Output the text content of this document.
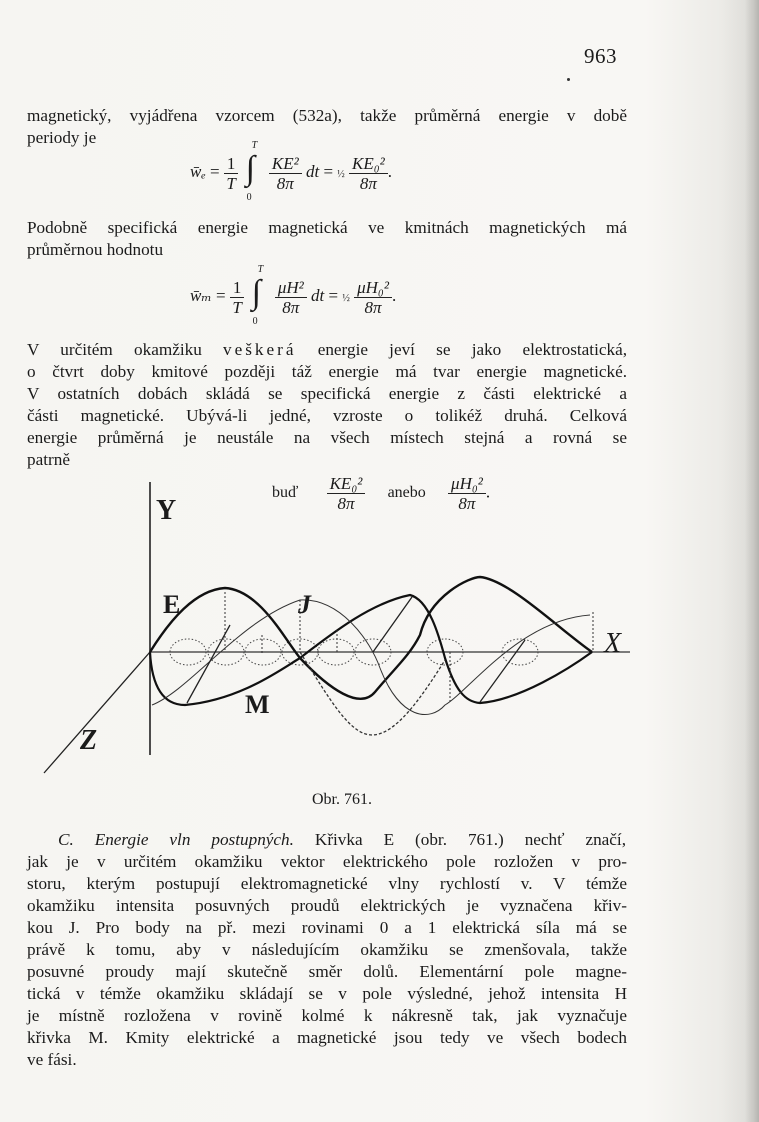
963
magnetický, vyjádřena vzorcem (532a), takže průměrná energie v době
periody je
w̄ₑ = $\frac{1}{T}$

T
∫
0

$\frac{\text{KE²}}{8\pi}$ dt = ½ $\frac{\text{KE₀²}}{8\pi}$ .
Podobně specifická energie magnetická ve kmitnách magnetických má
průměrnou hodnotu
w̄ₘ = $\frac{1}{T}$

T
∫
0

$\frac{\text{μH²}}{8\pi}$ dt = ½ $\frac{\text{μH₀²}}{8\pi}$ .
V určitém okamžiku veškerá energie jeví se jako elektrostatická,
o čtvrt doby kmitové později táž energie má tvar energie magnetické.
V ostatních dobách skládá se specifická energie z části elektrické a
části magnetické. Ubývá-li jedné, vzroste o tolikéž druhá. Celková
energie průměrná je neustále na všech místech stejná a rovná se
patrně
buď $\frac{\text{KE₀²}}{8\pi}$ anebo $\frac{\text{μH₀²}}{8\pi}$ .
Y
E	J
M
X
Z
Obr. 761.
C. Energie vln postupných. Křivka E (obr. 761.) nechť značí,
jak je v určitém okamžiku vektor elektrického pole rozložen v pro-
storu, kterým postupují elektromagnetické vlny rychlostí v. V témže
okamžiku intensita posuvných proudů elektrických je vyznačena křiv-
kou J. Pro body na př. mezi rovinami 0 a 1 elektrická síla má se
právě k tomu, aby v následujícím okamžiku se zmenšovala, takže
posuvné proudy mají skutečně směr dolů. Elementární pole magne-
tická v témže okamžiku skládají se v pole výsledné, jehož intensita H
je místně rozložena v rovině kolmé k nákresně tak, jak vyznačuje
křivka M. Kmity elektrické a magnetické jsou tedy ve všech bodech
ve fási.
